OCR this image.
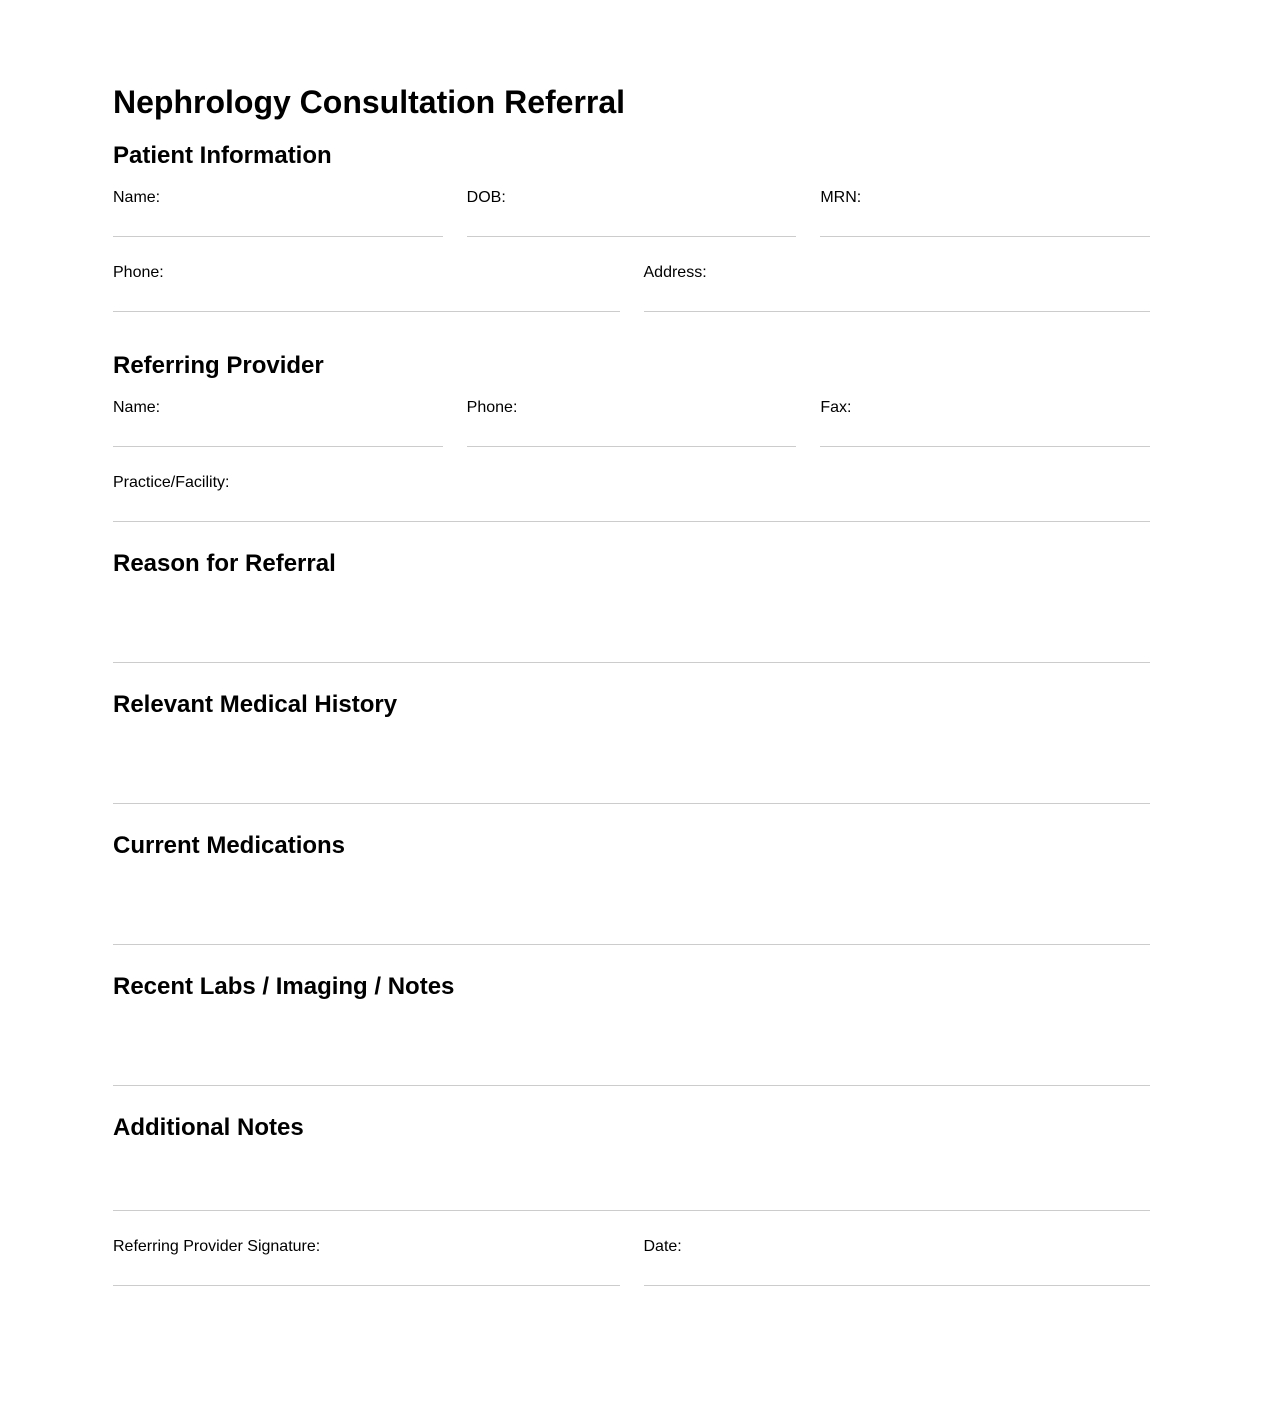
Nephrology Consultation Referral
Patient Information
Name:	DOB:	MRN:
Phone:	Address:
Referring Provider
Name:	Phone:	Fax:
Practice/Facility:
Reason for Referral
Relevant Medical History
Current Medications
Recent Labs / Imaging / Notes
Additional Notes
Referring Provider Signature:	Date:
